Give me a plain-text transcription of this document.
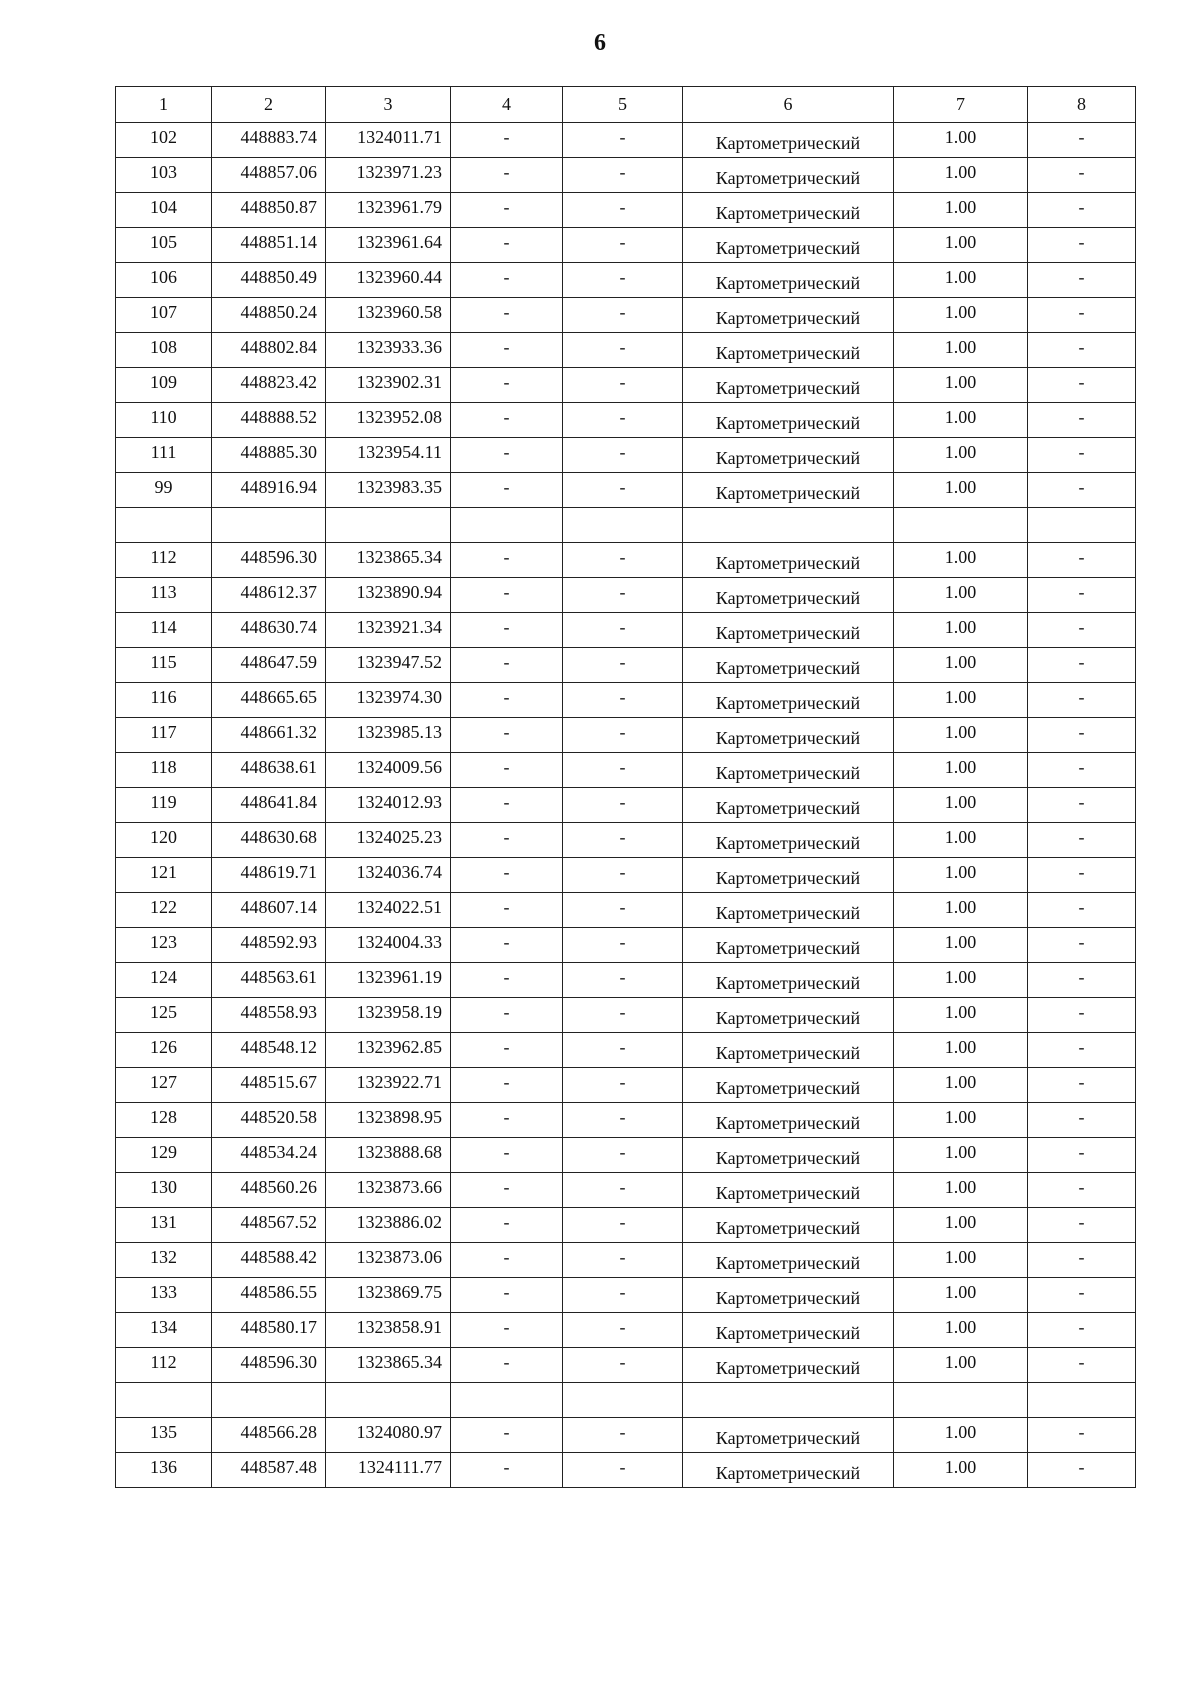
6
1	2	3	4	5	6	7	8
102	448883.74	1324011.71	-	-	Картометрический	1.00	-
103	448857.06	1323971.23	-	-	Картометрический	1.00	-
104	448850.87	1323961.79	-	-	Картометрический	1.00	-
105	448851.14	1323961.64	-	-	Картометрический	1.00	-
106	448850.49	1323960.44	-	-	Картометрический	1.00	-
107	448850.24	1323960.58	-	-	Картометрический	1.00	-
108	448802.84	1323933.36	-	-	Картометрический	1.00	-
109	448823.42	1323902.31	-	-	Картометрический	1.00	-
110	448888.52	1323952.08	-	-	Картометрический	1.00	-
111	448885.30	1323954.11	-	-	Картометрический	1.00	-
99	448916.94	1323983.35	-	-	Картометрический	1.00	-

112	448596.30	1323865.34	-	-	Картометрический	1.00	-
113	448612.37	1323890.94	-	-	Картометрический	1.00	-
114	448630.74	1323921.34	-	-	Картометрический	1.00	-
115	448647.59	1323947.52	-	-	Картометрический	1.00	-
116	448665.65	1323974.30	-	-	Картометрический	1.00	-
117	448661.32	1323985.13	-	-	Картометрический	1.00	-
118	448638.61	1324009.56	-	-	Картометрический	1.00	-
119	448641.84	1324012.93	-	-	Картометрический	1.00	-
120	448630.68	1324025.23	-	-	Картометрический	1.00	-
121	448619.71	1324036.74	-	-	Картометрический	1.00	-
122	448607.14	1324022.51	-	-	Картометрический	1.00	-
123	448592.93	1324004.33	-	-	Картометрический	1.00	-
124	448563.61	1323961.19	-	-	Картометрический	1.00	-
125	448558.93	1323958.19	-	-	Картометрический	1.00	-
126	448548.12	1323962.85	-	-	Картометрический	1.00	-
127	448515.67	1323922.71	-	-	Картометрический	1.00	-
128	448520.58	1323898.95	-	-	Картометрический	1.00	-
129	448534.24	1323888.68	-	-	Картометрический	1.00	-
130	448560.26	1323873.66	-	-	Картометрический	1.00	-
131	448567.52	1323886.02	-	-	Картометрический	1.00	-
132	448588.42	1323873.06	-	-	Картометрический	1.00	-
133	448586.55	1323869.75	-	-	Картометрический	1.00	-
134	448580.17	1323858.91	-	-	Картометрический	1.00	-
112	448596.30	1323865.34	-	-	Картометрический	1.00	-

135	448566.28	1324080.97	-	-	Картометрический	1.00	-
136	448587.48	1324111.77	-	-	Картометрический	1.00	-
